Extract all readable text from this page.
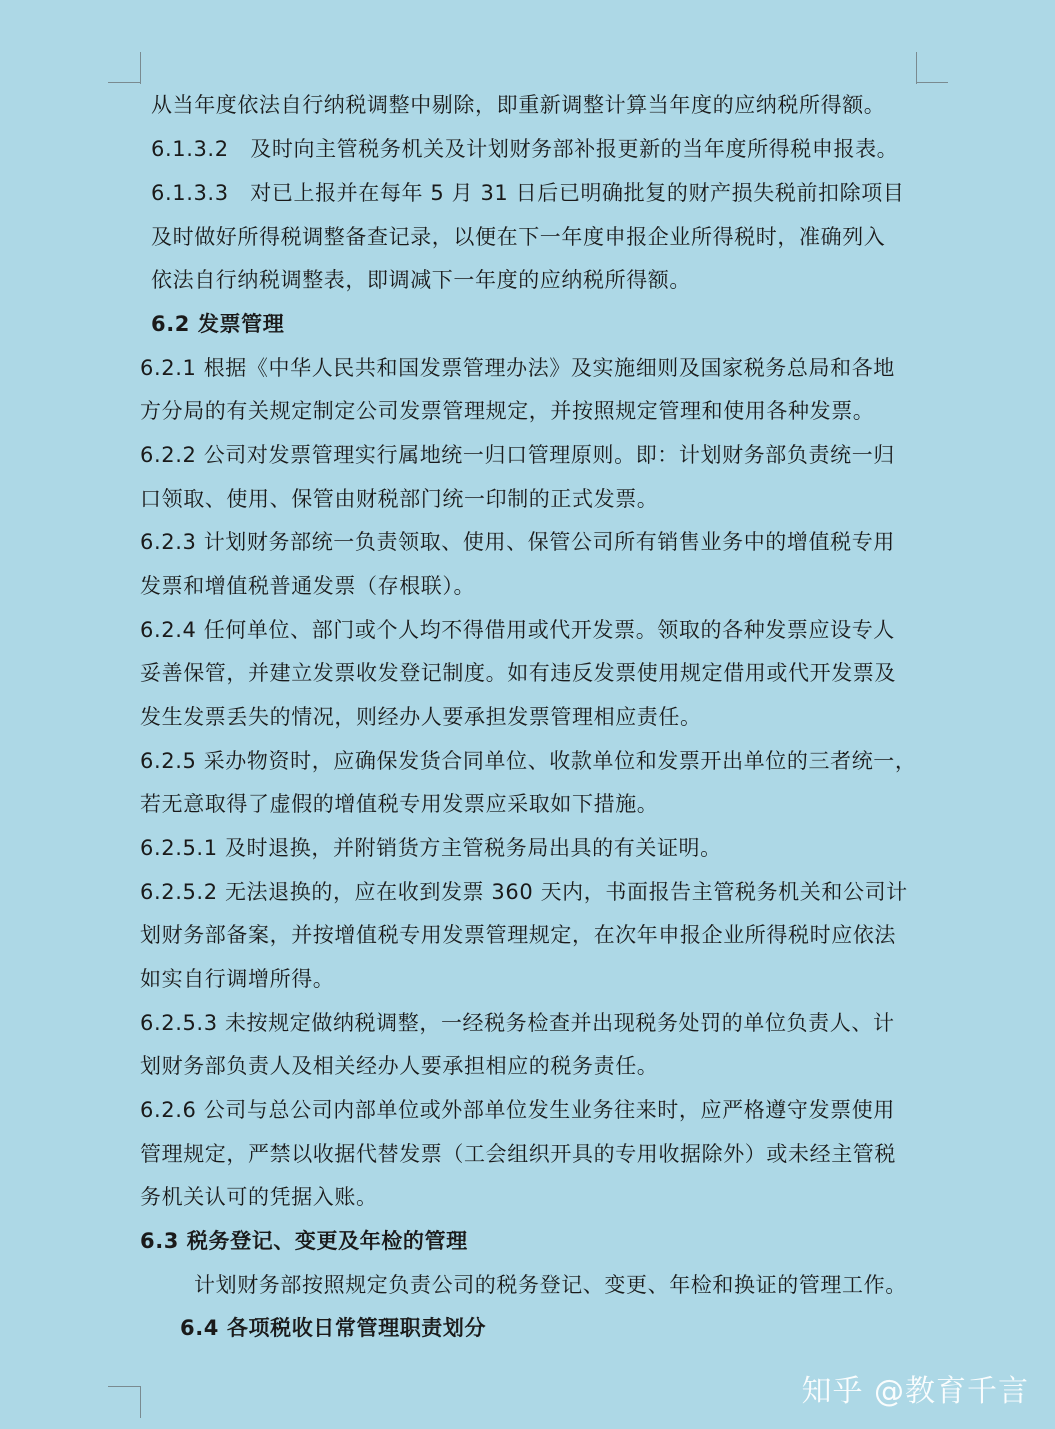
从当年度依法自行纳税调整中剔除，即重新调整计算当年度的应纳税所得额。
6.1.3.2　及时向主管税务机关及计划财务部补报更新的当年度所得税申报表。
6.1.3.3　对已上报并在每年 5 月 31 日后已明确批复的财产损失税前扣除项目
及时做好所得税调整备查记录，以便在下一年度申报企业所得税时，准确列入
依法自行纳税调整表，即调减下一年度的应纳税所得额。
6.2 发票管理
6.2.1 根据《中华人民共和国发票管理办法》及实施细则及国家税务总局和各地
方分局的有关规定制定公司发票管理规定，并按照规定管理和使用各种发票。
6.2.2 公司对发票管理实行属地统一归口管理原则。即：计划财务部负责统一归
口领取、使用、保管由财税部门统一印制的正式发票。
6.2.3 计划财务部统一负责领取、使用、保管公司所有销售业务中的增值税专用
发票和增值税普通发票（存根联）。
6.2.4 任何单位、部门或个人均不得借用或代开发票。领取的各种发票应设专人
妥善保管，并建立发票收发登记制度。如有违反发票使用规定借用或代开发票及
发生发票丢失的情况，则经办人要承担发票管理相应责任。
6.2.5 采办物资时，应确保发货合同单位、收款单位和发票开出单位的三者统一，
若无意取得了虚假的增值税专用发票应采取如下措施。
6.2.5.1 及时退换，并附销货方主管税务局出具的有关证明。
6.2.5.2 无法退换的，应在收到发票 360 天内，书面报告主管税务机关和公司计
划财务部备案，并按增值税专用发票管理规定，在次年申报企业所得税时应依法
如实自行调增所得。
6.2.5.3 未按规定做纳税调整，一经税务检查并出现税务处罚的单位负责人、计
划财务部负责人及相关经办人要承担相应的税务责任。
6.2.6 公司与总公司内部单位或外部单位发生业务往来时，应严格遵守发票使用
管理规定，严禁以收据代替发票（工会组织开具的专用收据除外）或未经主管税
务机关认可的凭据入账。
6.3 税务登记、变更及年检的管理
计划财务部按照规定负责公司的税务登记、变更、年检和换证的管理工作。
6.4 各项税收日常管理职责划分
知乎 @教育千言
